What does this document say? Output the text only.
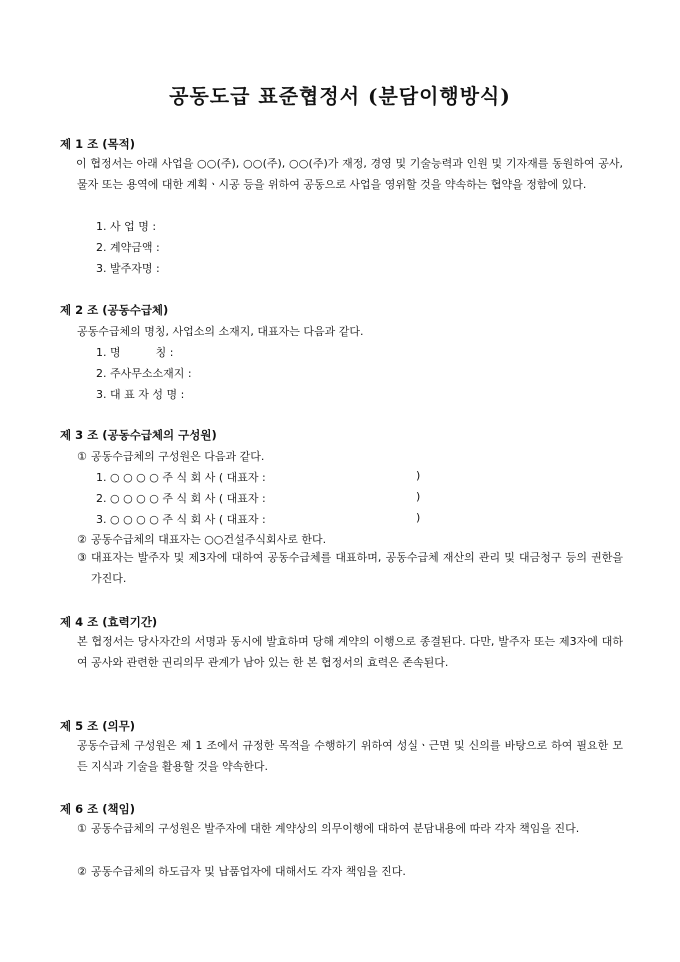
공동도급 표준협정서 (분담이행방식)
제 1 조 (목적)
이 협정서는 아래 사업을 ○○(주), ○○(주), ○○(주)가 재정, 경영 및 기술능력과 인원 및 기자재를 동원하여 공사, 물자 또는 용역에 대한 계획ㆍ시공 등을 위하여 공동으로 사업을 영위할 것을 약속하는 협약을 정함에 있다.
1. 사 업 명 :
2. 계약금액 :
3. 발주자명 :
제 2 조 (공동수급체)
공동수급체의 명칭, 사업소의 소재지, 대표자는 다음과 같다.
1. 명          칭 :
2. 주사무소소재지 :
3. 대 표 자 성 명 :
제 3 조 (공동수급체의 구성원)
① 공동수급체의 구성원은 다음과 같다.
1. ○ ○ ○ ○ 주 식 회 사 ( 대표자 :	)
2. ○ ○ ○ ○ 주 식 회 사 ( 대표자 :	)
3. ○ ○ ○ ○ 주 식 회 사 ( 대표자 :	)
② 공동수급체의 대표자는 ○○건설주식회사로 한다.
③ 대표자는 발주자 및 제3자에 대하여 공동수급체를 대표하며, 공동수급체 재산의 관리 및 대금청구 등의 권한을 가진다.
제 4 조 (효력기간)
본 협정서는 당사자간의 서명과 동시에 발효하며 당해 계약의 이행으로 종결된다. 다만, 발주자 또는 제3자에 대하여 공사와 관련한 권리의무 관계가 남아 있는 한 본 협정서의 효력은 존속된다.
제 5 조 (의무)
공동수급체 구성원은 제 1 조에서 규정한 목적을 수행하기 위하여 성실ㆍ근면 및 신의를 바탕으로 하여 필요한 모든 지식과 기술을 활용할 것을 약속한다.
제 6 조 (책임)
① 공동수급체의 구성원은 발주자에 대한 계약상의 의무이행에 대하여 분담내용에 따라 각자 책임을 진다.
② 공동수급체의 하도급자 및 납품업자에 대해서도 각자 책임을 진다.
